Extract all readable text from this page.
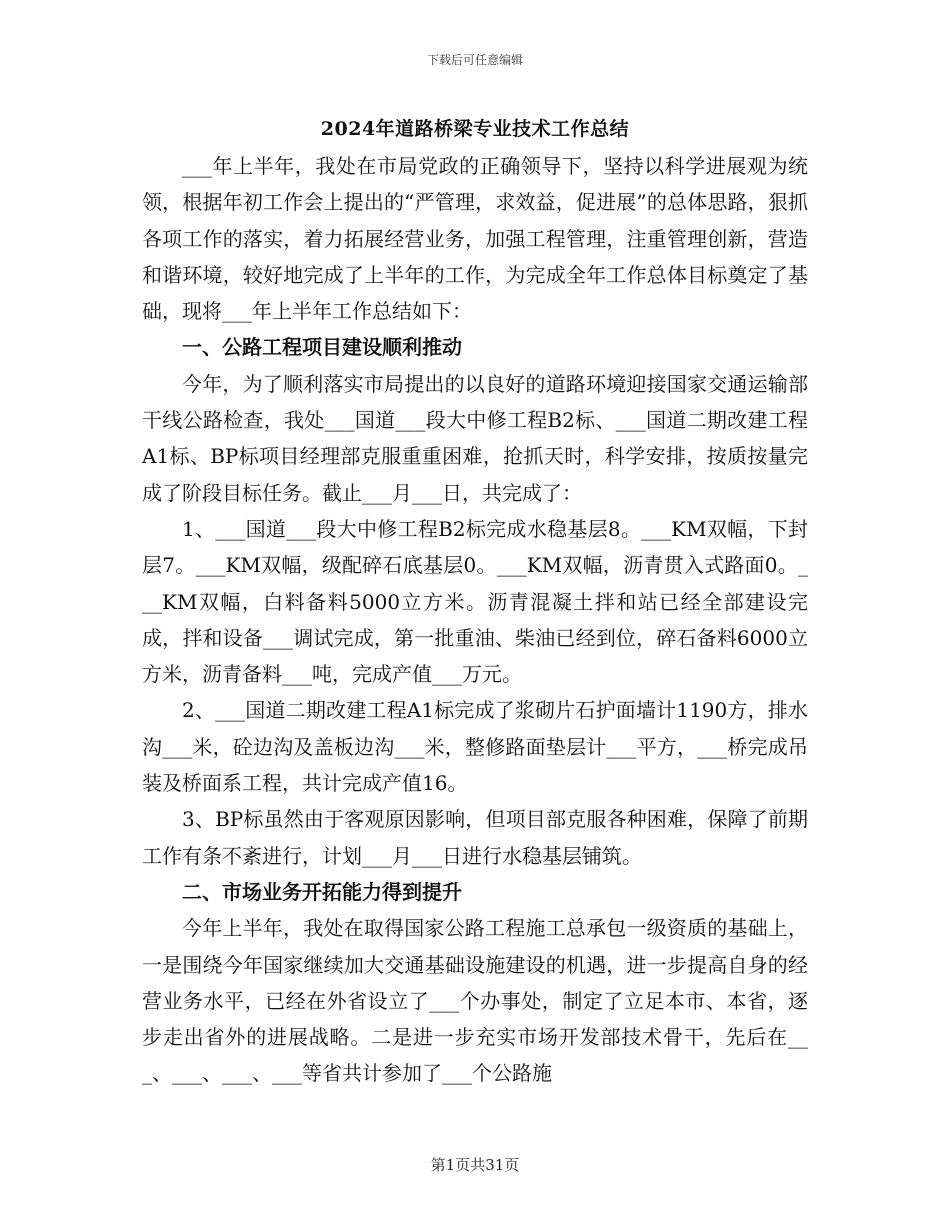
下载后可任意编辑
2024年道路桥梁专业技术工作总结

___年上半年，我处在市局党政的正确领导下，坚持以科学进展观为统领，根据年初工作会上提出的“严管理，求效益，促进展”的总体思路，狠抓各项工作的落实，着力拓展经营业务，加强工程管理，注重管理创新，营造和谐环境，较好地完成了上半年的工作，为完成全年工作总体目标奠定了基础，现将___年上半年工作总结如下：

一、公路工程项目建设顺利推动

今年，为了顺利落实市局提出的以良好的道路环境迎接国家交通运输部干线公路检查，我处___国道___段大中修工程B2标、___国道二期改建工程A1标、BP标项目经理部克服重重困难，抢抓天时，科学安排，按质按量完成了阶段目标任务。截止___月___日，共完成了：

1、___国道___段大中修工程B2标完成水稳基层8。___KM双幅，下封层7。___KM双幅，级配碎石底基层0。___KM双幅，沥青贯入式路面0。___KM双幅，白料备料5000立方米。沥青混凝土拌和站已经全部建设完成，拌和设备___调试完成，第一批重油、柴油已经到位，碎石备料6000立方米，沥青备料___吨，完成产值___万元。

2、___国道二期改建工程A1标完成了浆砌片石护面墙计1190方，排水沟___米，砼边沟及盖板边沟___米，整修路面垫层计___平方，___桥完成吊装及桥面系工程，共计完成产值16。

3、BP标虽然由于客观原因影响，但项目部克服各种困难，保障了前期工作有条不紊进行，计划___月___日进行水稳基层铺筑。

二、市场业务开拓能力得到提升

今年上半年，我处在取得国家公路工程施工总承包一级资质的基础上，一是围绕今年国家继续加大交通基础设施建设的机遇，进一步提高自身的经营业务水平，已经在外省设立了___个办事处，制定了立足本市、本省，逐步走出省外的进展战略。二是进一步充实市场开发部技术骨干，先后在___、___、___、___等省共计参加了___个公路施

第1页共31页
